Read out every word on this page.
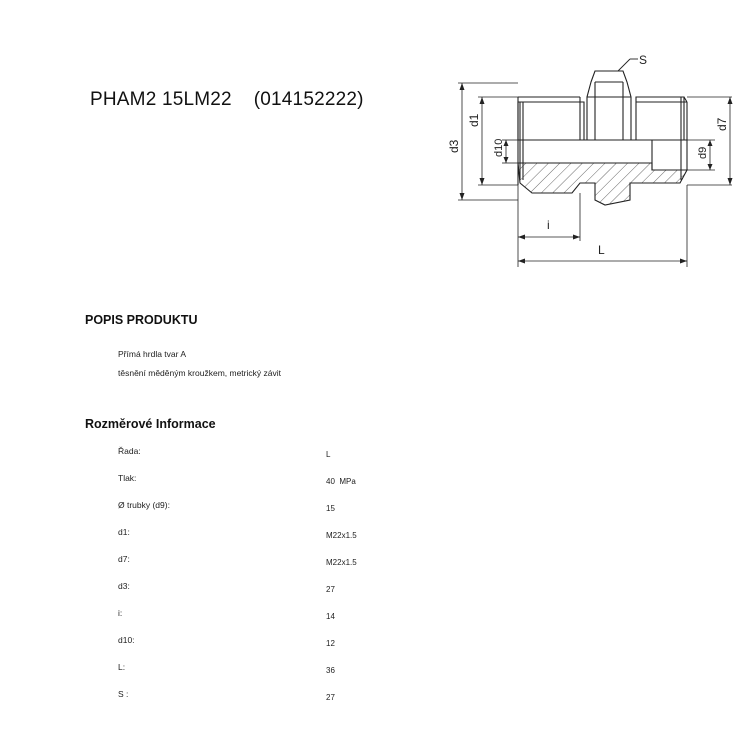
PHAM2 15LM22 (014152222)
S
d3
d1
d10	d9
d7
i
L
POPIS PRODUKTU
Přímá hrdla tvar A
těsnění měděným kroužkem, metrický závit
Rozměrové Informace
Řada:	L
Tlak:	40  MPa
Ø trubky (d9):	15
d1:	M22x1.5
d7:	M22x1.5
d3:	27
i:	14
d10:	12
L:	36
S :	27
